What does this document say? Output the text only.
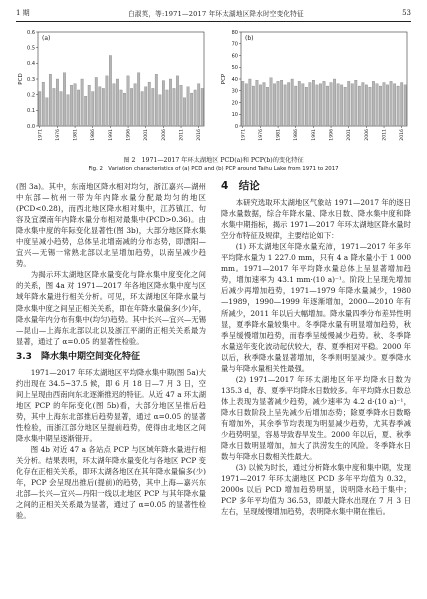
1 期	白淑英，等:1971—2017 年环太湖地区降水时空变化特征	53
0.0
0.1
0.2
0.3
0.4
0.5
0.6
PCD
1971	1976	1981	1986	1991	1996	2001	2006	2011	2016
(a)
0
10
20
30
40
50
60
70
80
PCP
1971	1976	1981	1986	1991	1996	2001	2006	2011	2016
(b)
图 2　1971—2017 年环太湖地区 PCD(a)和 PCP(b)的变化特征
Fig. 2　Variation characteristics of (a) PCD and (b) PCP around Taihu Lake from 1971 to 2017

(图 3a)。其中，东南地区降水相对均匀，浙江嘉兴—湖州中东部—杭州一带为年内降水量分配最均匀的地区(PCD<0.28)，而西北地区降水相对集中，江苏镇江、句容及宜溧南年内降水量分布相对最集中(PCD>0.36)。由降水集中度的年际变化显著性(图 3b)，大部分地区降水集中度呈减小趋势，总体呈北增南减的分布态势，即漂阳—宜兴—无锡一常熟北部以北呈增加趋势，以南呈减少趋势。

为揭示环太湖地区降水量变化与降水集中度变化之间的关系，图 4a 对 1971—2017 年各地区降水集中度与区域年降水量进行相关分析。可见，环太湖地区年降水量与降水集中度之间呈正相关关系，即在年降水量偏多(少)年，降水量年内分布有集中(均匀)趋势。其中长兴—宜兴—无锡—昆山—上海东北部以北以及浙江平湖的正相关关系最为显著，通过了 α=0.05 的显著性检验。

3.3　降水集中期空间变化特征

1971—2017 年环太湖地区平均降水集中期(图 5a)大约出现在 34.5~37.5 候，即 6 月 18 日—7 月 3 日，空间上呈现由西南向东北逐渐推迟的特征。从近 47 a 环太湖地区 PCP 的年际变化(图 5b)看，大部分地区呈推后趋势，其中上海东北部推后趋势显著，通过 α=0.05 的显著性检验，而浙江部分地区呈提前趋势，使得由北地区之间降水集中期呈逐渐错开。

图 4b 对近 47 a 各站点 PCP 与区域年降水量进行相关分析。结果表明，环太湖年降水量变化与各地区 PCP 变化存在正相关关系，即环太湖各地区在其年降水量偏多(少)年，PCP 会呈现出推后(提前)的趋势，其中上海—嘉兴东北部—长兴—宜兴—丹阳一线以北地区 PCP 与其年降水量之间的正相关关系最为显著，通过了 α=0.05 的显著性检验。

4　结论

本研究选取环太湖地区气象站 1971—2017 年的逐日降水量数据，综合年降水量、降水日数、降水集中度和降水集中期指标，揭示 1971—2017 年环太湖地区降水量时空分布特征及规律，主要结论如下：

(1) 环太湖地区年降水量充沛，1971—2017 年多年平均降水量为 1 227.0 mm，只有 4 a 降水量小于 1 000 mm。1971—2017 年平均降水量总体上呈显著增加趋势，增加速率为 43.1 mm·(10 a)⁻¹。阶段上呈现先增加后减少再增加趋势，1971—1979 年降水量减少，1980—1989，1990—1999 年逐渐增加，2000—2010 年有所减少，2011 年以后大幅增加。降水量四季分布差异性明显，夏季降水量较集中。冬季降水量有明显增加趋势，秋季呈缓慢增加趋势，而春季呈缓慢减少趋势。秋、冬季降水量送年变化波动起伏较大，春、夏季相对平稳。2000 年以后，秋季降水量显著增加，冬季则明显减少。夏季降水量与年降水量相关性最强。

(2) 1971—2017 年环太湖地区年平均降水日数为 135.3 d，春、夏季平均降水日数较多。年平均降水日数总体上表现为显著减少趋势，减少速率为 4.2 d·(10 a)⁻¹，降水日数阶段上呈先减少后增加态势；除夏季降水日数略有增加外，其余季节均表现为明显减少趋势，尤其春季减少趋势明显，容易导致春旱发生。2000 年以后，夏、秋季降水日数明显增加，加大了洪涝发生的风险。冬季降水日数与年降水日数相关性最大。

(3) 以候为时长，通过分析降水集中度和集中期，发现 1971—2017 年环太湖地区 PCD 多年平均值为 0.32，2000s 以后 PCD 增加趋势明显，说明降水趋于集中；PCP 多年平均值为 36.53，即最大降水出现在 7 月 3 日左右，呈现缓慢增加趋势，表明降水集中期在推后。
